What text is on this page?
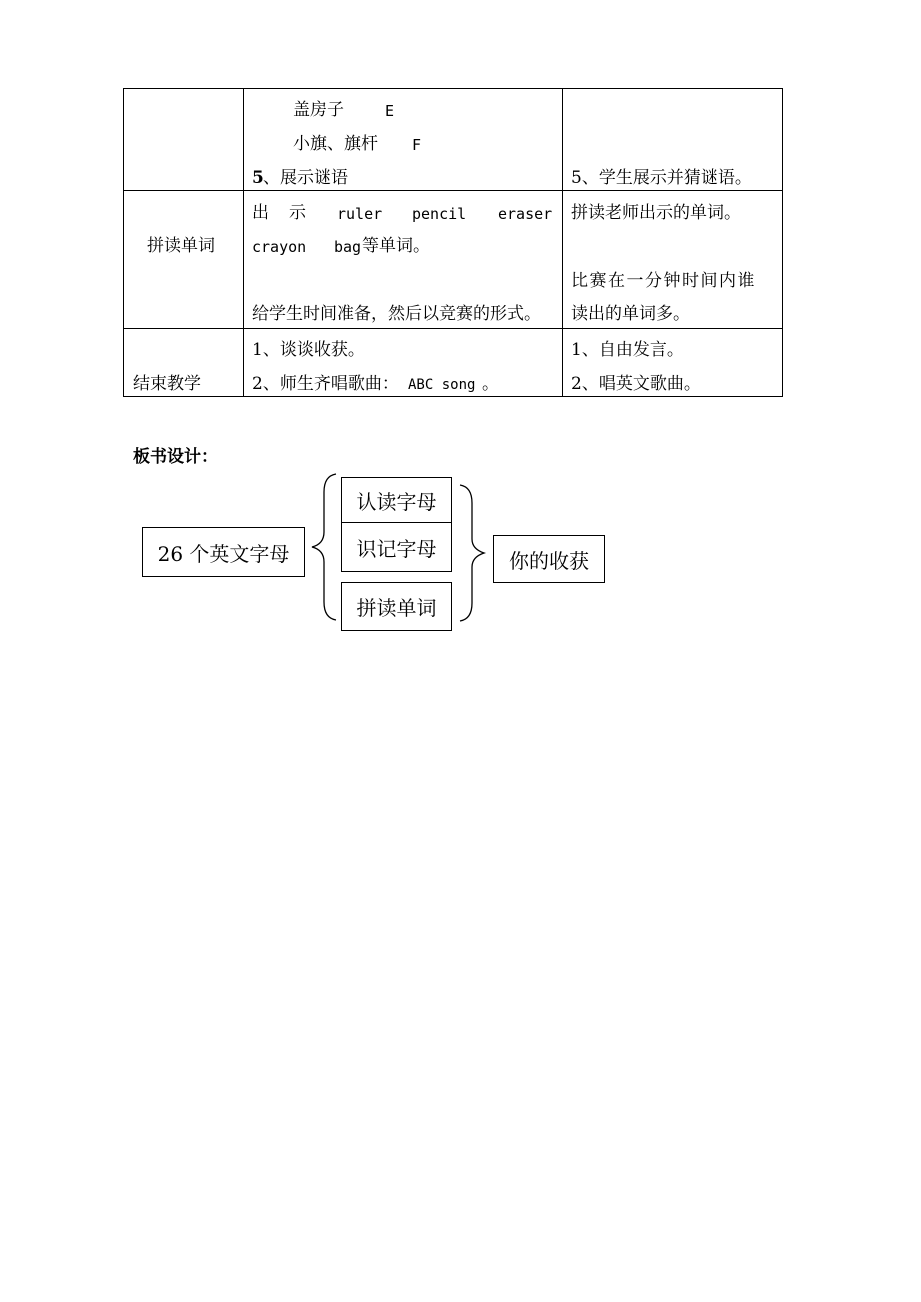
盖房子	E
小旗、旗杆 F
5 、展示谜语	5、学生展示并猜谜语。
拼读单词
出 示 ruler pencil eraser
crayon bag 等单词。
给学生时间准备，然后以竞赛的形式。
拼读老师出示的单词。
比赛在一分钟时间内谁
读出的单词多。
结束教学
1、谈谈收获。
2、师生齐唱歌曲： ABC song 。
1、自由发言。
2、唱英文歌曲。
板书设计：
26 个英文字母
认读字母
识记字母
拼读单词
你的收获
